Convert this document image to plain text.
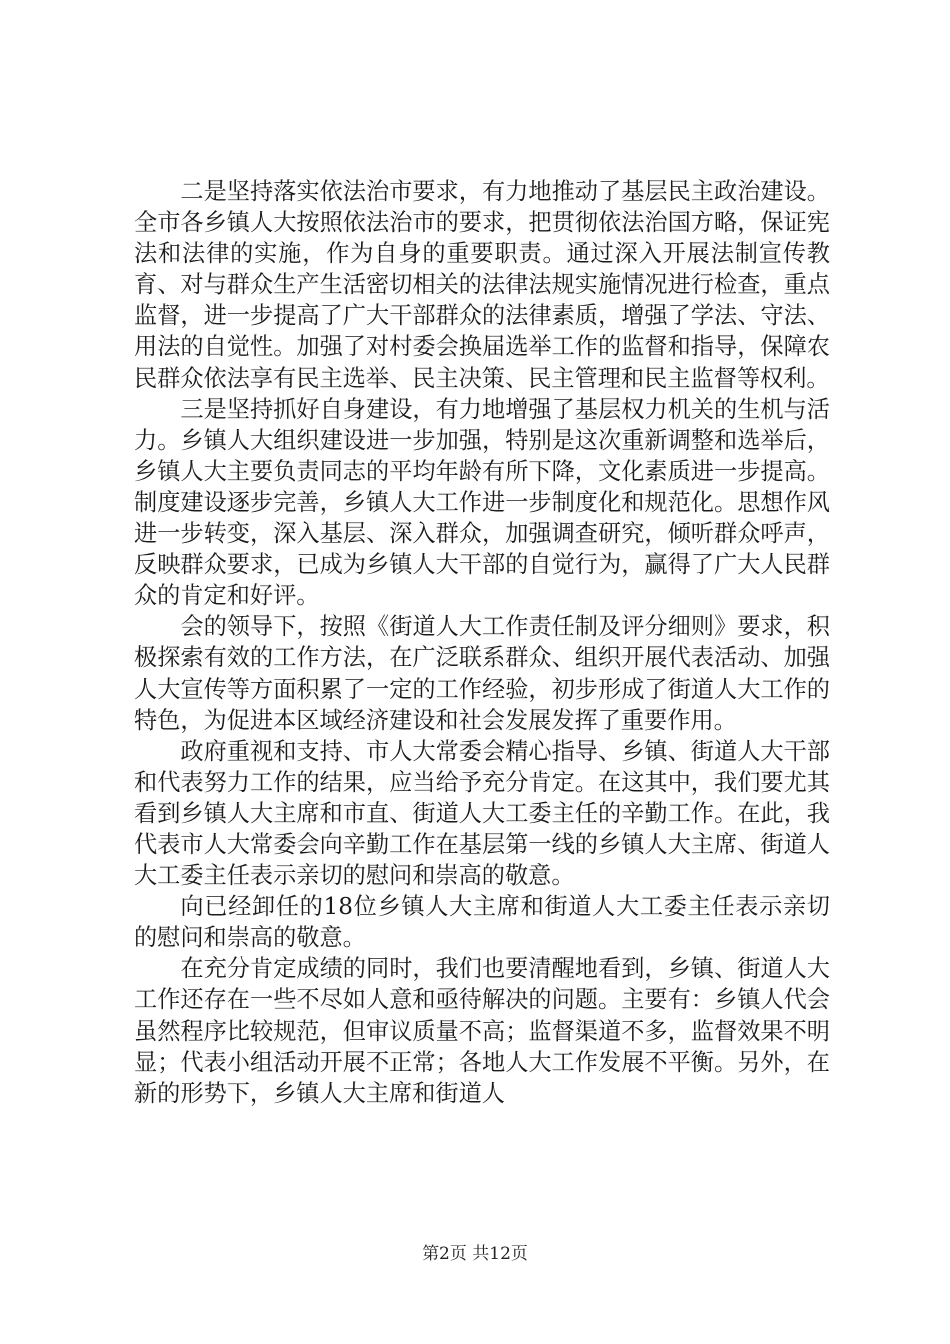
二是坚持落实依法治市要求，有力地推动了基层民主政治建设。全市各乡镇人大按照依法治市的要求，把贯彻依法治国方略，保证宪法和法律的实施，作为自身的重要职责。通过深入开展法制宣传教育、对与群众生产生活密切相关的法律法规实施情况进行检查，重点监督，进一步提高了广大干部群众的法律素质，增强了学法、守法、用法的自觉性。加强了对村委会换届选举工作的监督和指导，保障农民群众依法享有民主选举、民主决策、民主管理和民主监督等权利。

三是坚持抓好自身建设，有力地增强了基层权力机关的生机与活力。乡镇人大组织建设进一步加强，特别是这次重新调整和选举后，乡镇人大主要负责同志的平均年龄有所下降，文化素质进一步提高。制度建设逐步完善，乡镇人大工作进一步制度化和规范化。思想作风进一步转变，深入基层、深入群众，加强调查研究，倾听群众呼声，反映群众要求，已成为乡镇人大干部的自觉行为，赢得了广大人民群众的肯定和好评。

会的领导下，按照《街道人大工作责任制及评分细则》要求，积极探索有效的工作方法，在广泛联系群众、组织开展代表活动、加强人大宣传等方面积累了一定的工作经验，初步形成了街道人大工作的特色，为促进本区域经济建设和社会发展发挥了重要作用。

政府重视和支持、市人大常委会精心指导、乡镇、街道人大干部和代表努力工作的结果，应当给予充分肯定。在这其中，我们要尤其看到乡镇人大主席和市直、街道人大工委主任的辛勤工作。在此，我代表市人大常委会向辛勤工作在基层第一线的乡镇人大主席、街道人大工委主任表示亲切的慰问和崇高的敬意。

向已经卸任的18位乡镇人大主席和街道人大工委主任表示亲切的慰问和崇高的敬意。

在充分肯定成绩的同时，我们也要清醒地看到，乡镇、街道人大工作还存在一些不尽如人意和亟待解决的问题。主要有：乡镇人代会虽然程序比较规范，但审议质量不高；监督渠道不多，监督效果不明显；代表小组活动开展不正常；各地人大工作发展不平衡。另外，在新的形势下，乡镇人大主席和街道人

第2页 共12页
